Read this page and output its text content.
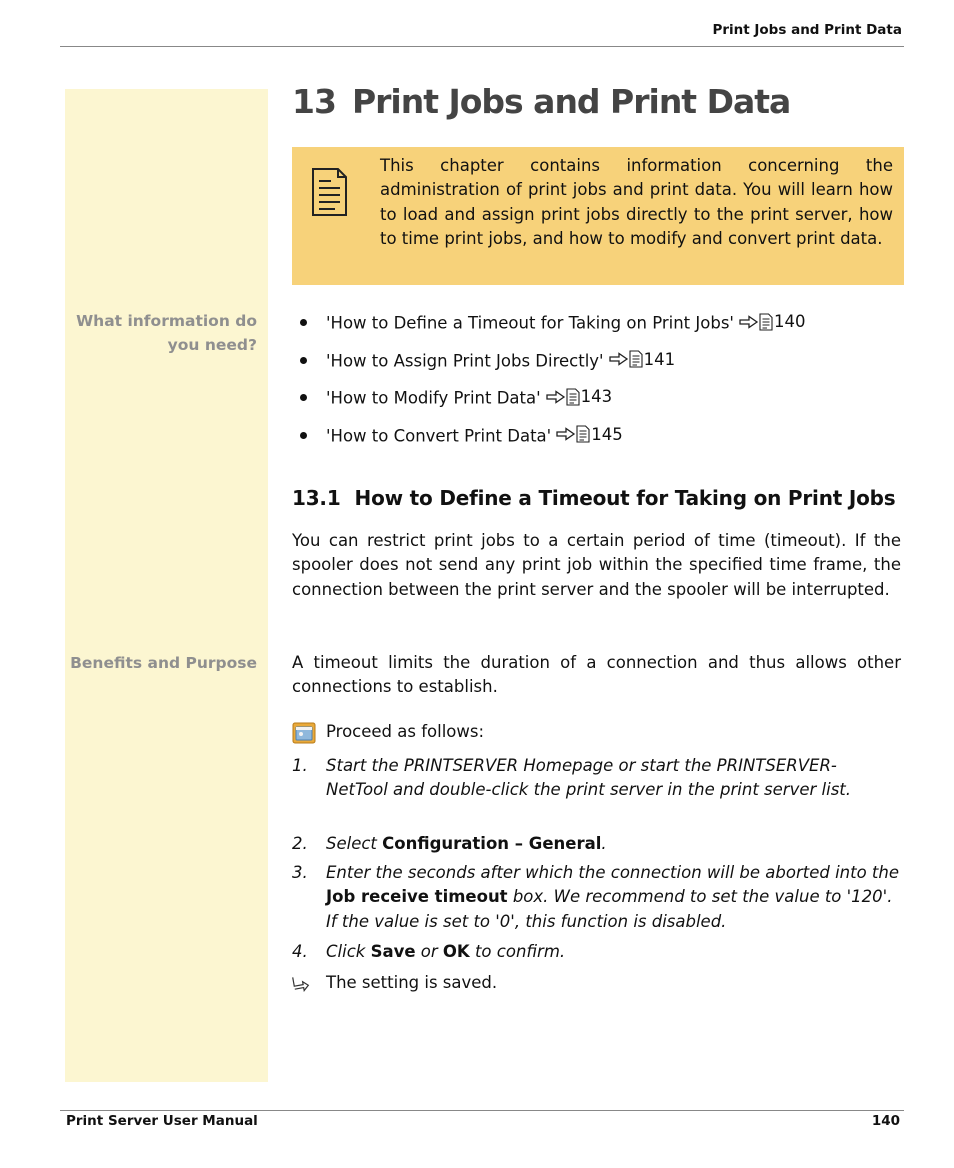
Print Jobs and Print Data
13 Print Jobs and Print Data

This chapter contains information concerning the administration of print jobs and print data. You will learn how to load and assign print jobs directly to the print server, how to time print jobs, and how to modify and convert print data.

What information do you need?
'How to Define a Timeout for Taking on Print Jobs' 140
'How to Assign Print Jobs Directly' 141
'How to Modify Print Data' 143
'How to Convert Print Data' 145
13.1 How to Define a Timeout for Taking on Print Jobs

You can restrict print jobs to a certain period of time (timeout). If the spooler does not send any print job within the specified time frame, the connection between the print server and the spooler will be interrupted.

Benefits and Purpose A timeout limits the duration of a connection and thus allows other connections to establish.

Proceed as follows:
1. Start the PRINTSERVER Homepage or start the PRINTSERVER-NetTool and double-click the print server in the print server list.
2. Select Configuration – General.
3. Enter the seconds after which the connection will be aborted into the Job receive timeout box. We recommend to set the value to '120'. If the value is set to '0', this function is disabled.
4. Click Save or OK to confirm.
The setting is saved.
Print Server User Manual	140
